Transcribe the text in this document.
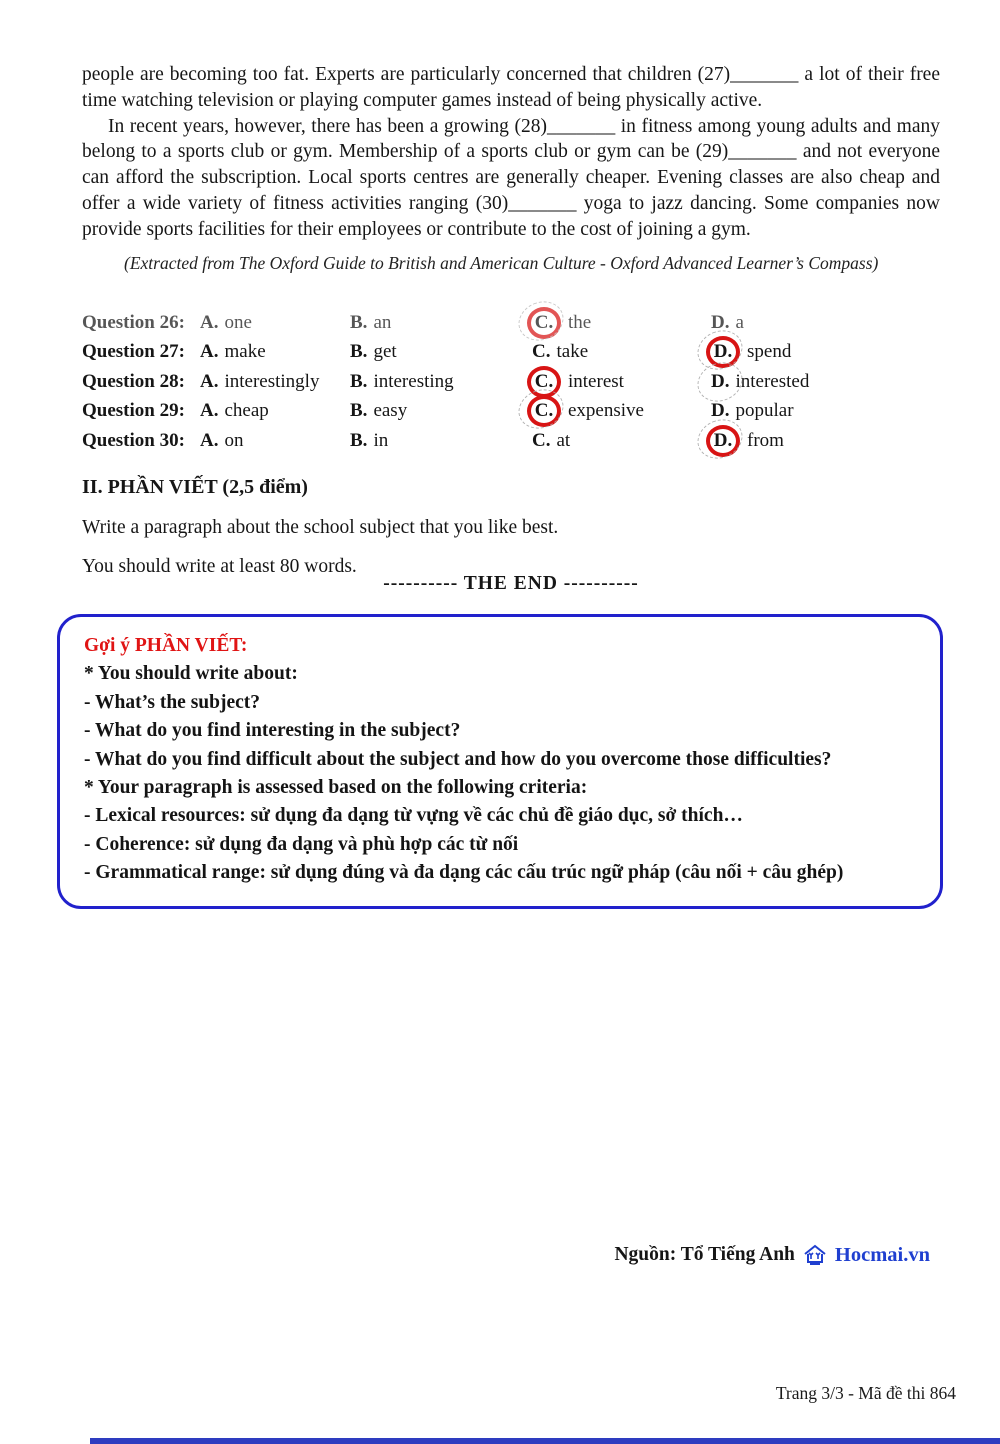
people are becoming too fat. Experts are particularly concerned that children (27)_______ a lot of their free time watching television or playing computer games instead of being physically active.

In recent years, however, there has been a growing (28)_______ in fitness among young adults and many belong to a sports club or gym. Membership of a sports club or gym can be (29)_______ and not everyone can afford the subscription. Local sports centres are generally cheaper. Evening classes are also cheap and offer a wide variety of fitness activities ranging (30)_______ yoga to jazz dancing. Some companies now provide sports facilities for their employees or contribute to the cost of joining a gym.

(Extracted from The Oxford Guide to British and American Culture - Oxford Advanced Learner’s Compass)
Question 26: A. one	B. an	C. the	D. a
Question 27: A. make	B. get	C. take	D. spend
Question 28: A. interestingly	B. interesting	C. interest	D. interested
Question 29: A. cheap	B. easy	C. expensive	D. popular
Question 30: A. on	B. in	C. at	D. from

II. PHẦN VIẾT (2,5 điểm)

Write a paragraph about the school subject that you like best.

You should write at least 80 words.

---------- THE END ----------

Gợi ý PHẦN VIẾT:

* You should write about:

- What’s the subject?

- What do you find interesting in the subject?

- What do you find difficult about the subject and how do you overcome those difficulties?

* Your paragraph is assessed based on the following criteria:

- Lexical resources: sử dụng đa dạng từ vựng về các chủ đề giáo dục, sở thích…

- Coherence: sử dụng đa dạng và phù hợp các từ nối

- Grammatical range: sử dụng đúng và đa dạng các cấu trúc ngữ pháp (câu nối + câu ghép)

Nguồn: Tổ Tiếng Anh Hocmai.vn
Trang 3/3 - Mã đề thi 864
